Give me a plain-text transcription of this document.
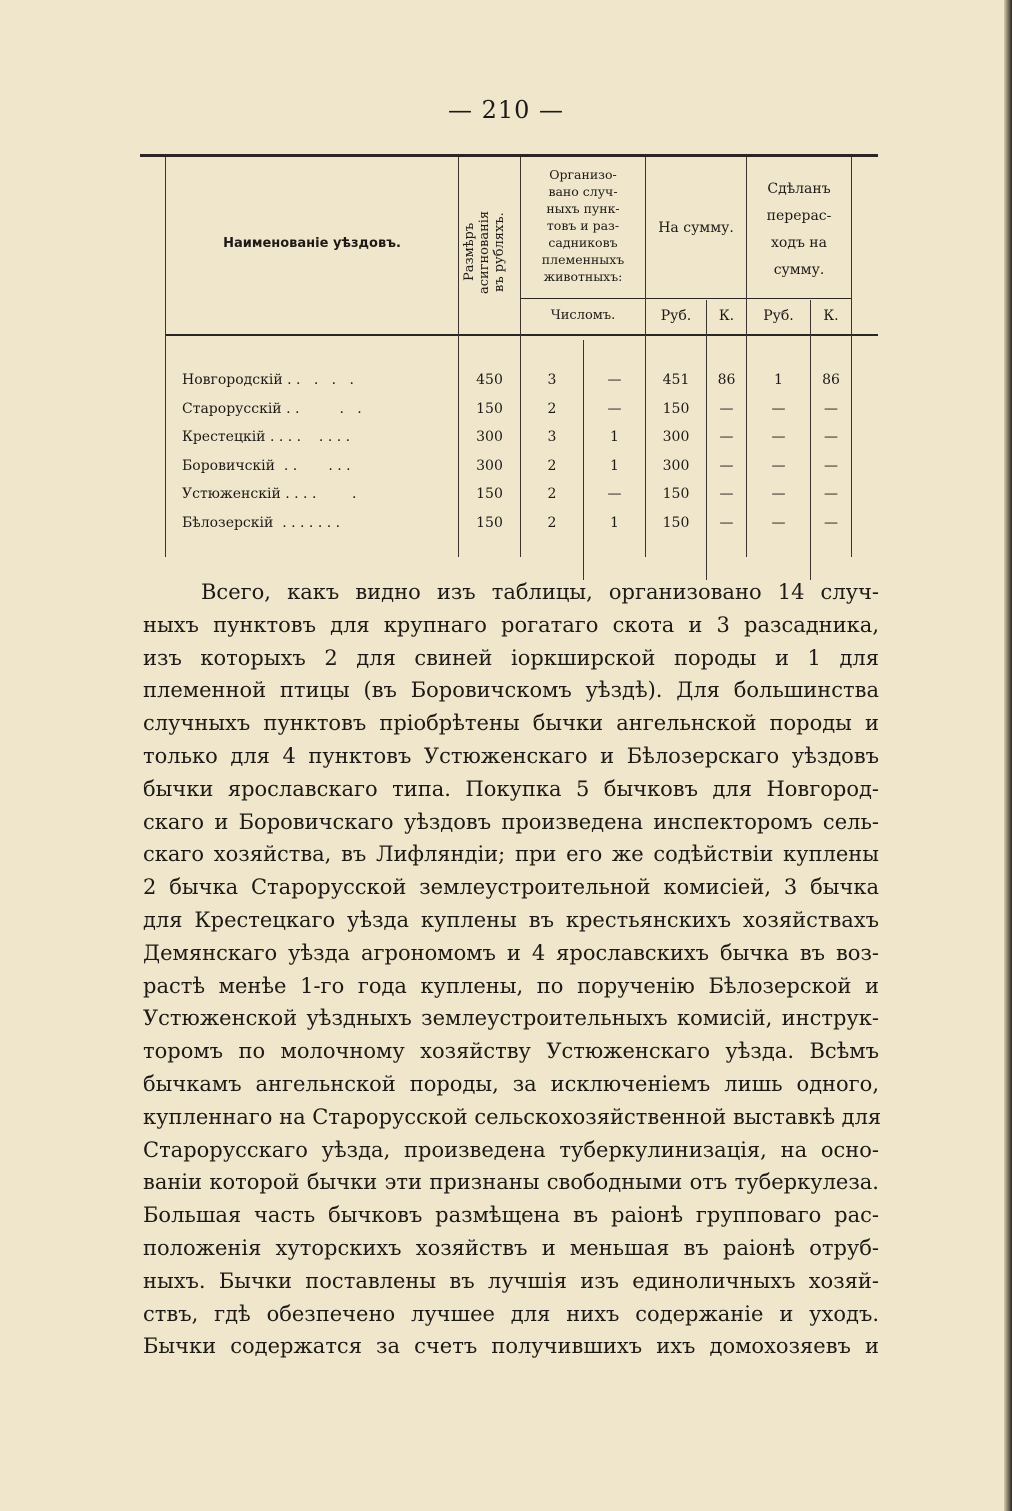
— 210 —
Наименованіе уѣздовъ.	Размѣръ
асигнованія
въ рубляхъ.
Организо-
вано случ-
ныхъ пунк-
товъ и раз-
садниковъ
племенныхъ
животныхъ:
Числомъ.
На сумму.
Руб.	К.
Сдѣланъ
перерас-
ходъ на
сумму.
Руб.	К.
Новгородскій . .   .   .   .	450	3	—	451	86	1	86
Старорусскій . .         .   .	150	2	—	150	—	—	—
Крестецкій . . . .    . . . .	300	3	1	300	—	—	—
Боровичскій  . .       . . .	300	2	1	300	—	—	—
Устюженскій . . . .        .	150	2	—	150	—	—	—
Бѣлозерскій  . . . . . . .	150	2	1	150	—	—	—
Всего, какъ видно изъ таблицы, организовано 14 случ-
ныхъ пунктовъ для крупнаго рогатаго скота и 3 разсадника,
изъ которыхъ 2 для свиней іоркширской породы и 1 для
племенной птицы (въ Боровичскомъ уѣздѣ). Для большинства
случныхъ пунктовъ пріобрѣтены бычки ангельнской породы и
только для 4 пунктовъ Устюженскаго и Бѣлозерскаго уѣздовъ
бычки ярославскаго типа. Покупка 5 бычковъ для Новгород-
скаго и Боровичскаго уѣздовъ произведена инспекторомъ сель-
скаго хозяйства, въ Лифляндіи; при его же содѣйствіи куплены
2 бычка Старорусской землеустроительной комисіей, 3 бычка
для Крестецкаго уѣзда куплены въ крестьянскихъ хозяйствахъ
Демянскаго уѣзда агрономомъ и 4 ярославскихъ бычка въ воз-
растѣ менѣе 1-го года куплены, по порученію Бѣлозерской и
Устюженской уѣздныхъ землеустроительныхъ комисій, инструк-
торомъ по молочному хозяйству Устюженскаго уѣзда. Всѣмъ
бычкамъ ангельнской породы, за исключеніемъ лишь одного,
купленнаго на Старорусской сельскохозяйственной выставкѣ для
Старорусскаго уѣзда, произведена туберкулинизація, на осно-
ваніи которой бычки эти признаны свободными отъ туберкулеза.
Большая часть бычковъ размѣщена въ раіонѣ групповаго рас-
положенія хуторскихъ хозяйствъ и меньшая въ раіонѣ отруб-
ныхъ. Бычки поставлены въ лучшія изъ единоличныхъ хозяй-
ствъ, гдѣ обезпечено лучшее для нихъ содержаніе и уходъ.
Бычки содержатся за счетъ получившихъ ихъ домохозяевъ и
